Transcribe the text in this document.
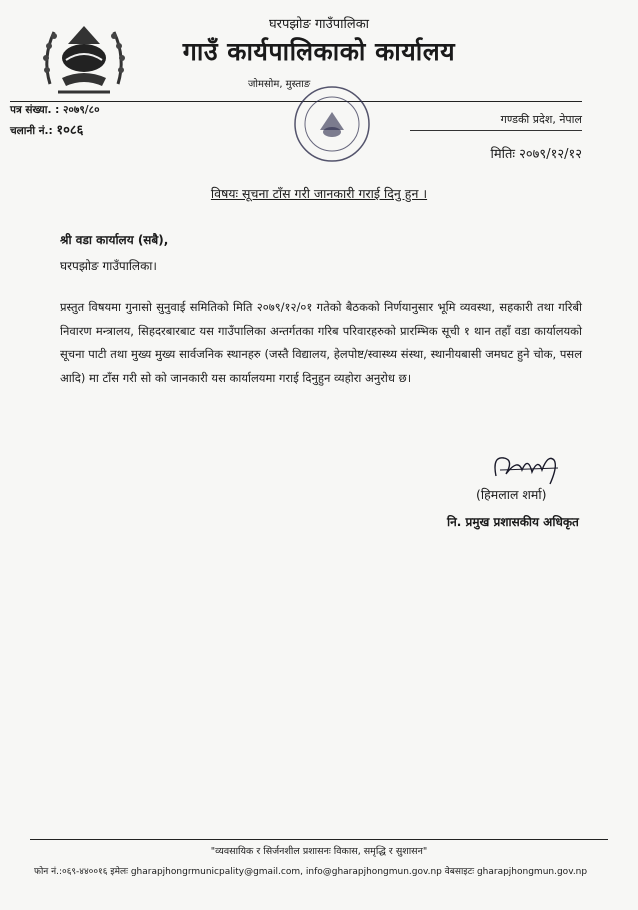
घरपझोङ गाउँपालिका
गाउँ कार्यपालिकाको कार्यालय
जोमसोम, मुस्ताङ
पत्र संख्या. : २०७९/८०
चलानी नं.: १०८६
गण्डकी प्रदेश, नेपाल
मितिः २०७९/१२/१२
विषयः सूचना टाँस गरी जानकारी गराई दिनु हुन ।
श्री वडा कार्यालय (सबै),
घरपझोङ गाउँपालिका।
प्रस्तुत विषयमा गुनासो सुनुवाई समितिको मिति २०७९/१२/०१ गतेको बैठकको निर्णयानुसार भूमि व्यवस्था, सहकारी तथा गरिबी निवारण मन्त्रालय, सिहदरबारबाट यस गाउँपालिका अन्तर्गतका गरिब परिवारहरुको प्रारम्भिक सूची १ थान तहाँ वडा कार्यालयको सूचना पाटी तथा मुख्य मुख्य सार्वजनिक स्थानहरु (जस्तै विद्यालय, हेलपोष्ट/स्वास्थ्य संस्था, स्थानीयबासी जमघट हुने चोक, पसल आदि) मा टाँस गरी सो को जानकारी यस कार्यालयमा गराई दिनुहुन व्यहोरा अनुरोध छ।
(हिमलाल शर्मा)
नि. प्रमुख प्रशासकीय अधिकृत
"व्यवसायिक र सिर्जनशील प्रशासनः विकास, समृद्धि र सुशासन"
फोन नं.:०६९-४४००१६ इमेलः gharapjhongrmunicpality@gmail.com, info@gharapjhongmun.gov.np वेबसाइटः gharapjhongmun.gov.np
